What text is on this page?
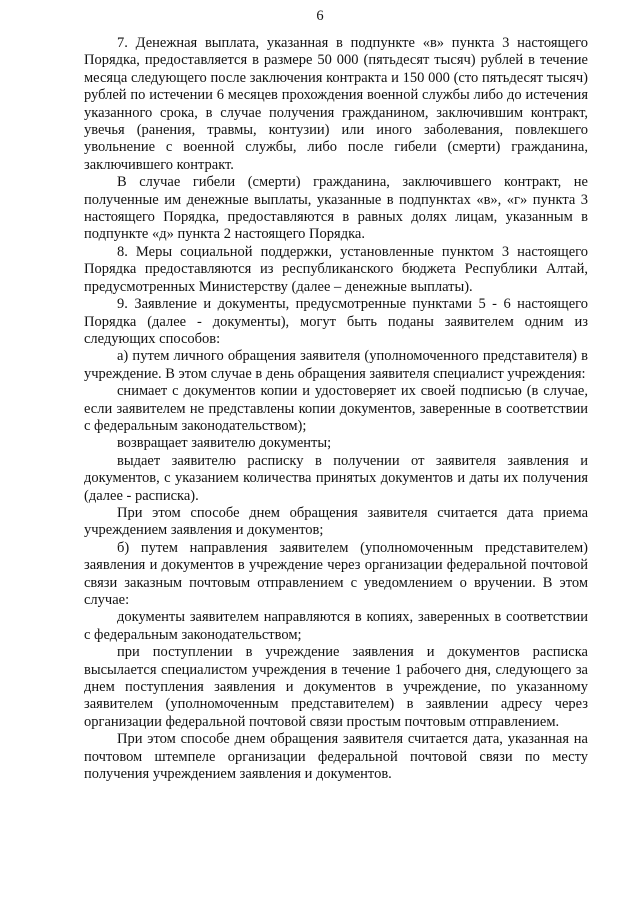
6

7. Денежная выплата, указанная в подпункте «в» пункта 3 настоящего Порядка, предоставляется в размере 50 000 (пятьдесят тысяч) рублей в течение месяца следующего после заключения контракта и 150 000 (сто пятьдесят тысяч) рублей по истечении 6 месяцев прохождения военной службы либо до истечения указанного срока, в случае получения гражданином, заключившим контракт, увечья (ранения, травмы, контузии) или иного заболевания, повлекшего увольнение с военной службы, либо после гибели (смерти) гражданина, заключившего контракт.

В случае гибели (смерти) гражданина, заключившего контракт, не полученные им денежные выплаты, указанные в подпунктах «в», «г» пункта 3 настоящего Порядка, предоставляются в равных долях лицам, указанным в подпункте «д» пункта 2 настоящего Порядка.

8. Меры социальной поддержки, установленные пунктом 3 настоящего Порядка предоставляются из республиканского бюджета Республики Алтай, предусмотренных Министерству (далее – денежные выплаты).

9. Заявление и документы, предусмотренные пунктами 5 - 6 настоящего Порядка (далее - документы), могут быть поданы заявителем одним из следующих способов:

а) путем личного обращения заявителя (уполномоченного представителя) в учреждение. В этом случае в день обращения заявителя специалист учреждения:

снимает с документов копии и удостоверяет их своей подписью (в случае, если заявителем не представлены копии документов, заверенные в соответствии с федеральным законодательством);

возвращает заявителю документы;

выдает заявителю расписку в получении от заявителя заявления и документов, с указанием количества принятых документов и даты их получения (далее - расписка).

При этом способе днем обращения заявителя считается дата приема учреждением заявления и документов;

б) путем направления заявителем (уполномоченным представителем) заявления и документов в учреждение через организации федеральной почтовой связи заказным почтовым отправлением с уведомлением о вручении. В этом случае:

документы заявителем направляются в копиях, заверенных в соответствии с федеральным законодательством;

при поступлении в учреждение заявления и документов расписка высылается специалистом учреждения в течение 1 рабочего дня, следующего за днем поступления заявления и документов в учреждение, по указанному заявителем (уполномоченным представителем) в заявлении адресу через организации федеральной почтовой связи простым почтовым отправлением.

При этом способе днем обращения заявителя считается дата, указанная на почтовом штемпеле организации федеральной почтовой связи по месту получения учреждением заявления и документов.
